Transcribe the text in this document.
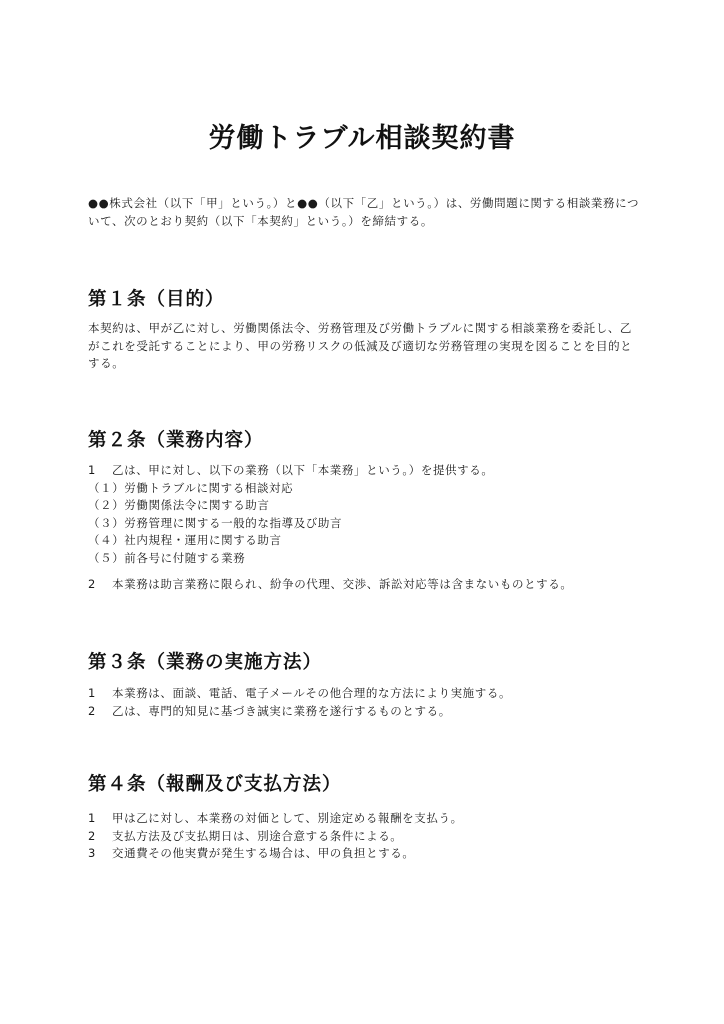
労働トラブル相談契約書

●●株式会社（以下「甲」という。）と●●（以下「乙」という。）は、労働問題に関する相談業務について、次のとおり契約（以下「本契約」という。）を締結する。

第１条（目的）

本契約は、甲が乙に対し、労働関係法令、労務管理及び労働トラブルに関する相談業務を委託し、乙がこれを受託することにより、甲の労務リスクの低減及び適切な労務管理の実現を図ることを目的とする。

第２条（業務内容）
1 乙は、甲に対し、以下の業務（以下「本業務」という。）を提供する。
（１）労働トラブルに関する相談対応
（２）労働関係法令に関する助言
（３）労務管理に関する一般的な指導及び助言
（４）社内規程・運用に関する助言
（５）前各号に付随する業務
2 本業務は助言業務に限られ、紛争の代理、交渉、訴訟対応等は含まないものとする。
第３条（業務の実施方法）
1 本業務は、面談、電話、電子メールその他合理的な方法により実施する。
2 乙は、専門的知見に基づき誠実に業務を遂行するものとする。
第４条（報酬及び支払方法）
1 甲は乙に対し、本業務の対価として、別途定める報酬を支払う。
2 支払方法及び支払期日は、別途合意する条件による。
3 交通費その他実費が発生する場合は、甲の負担とする。
